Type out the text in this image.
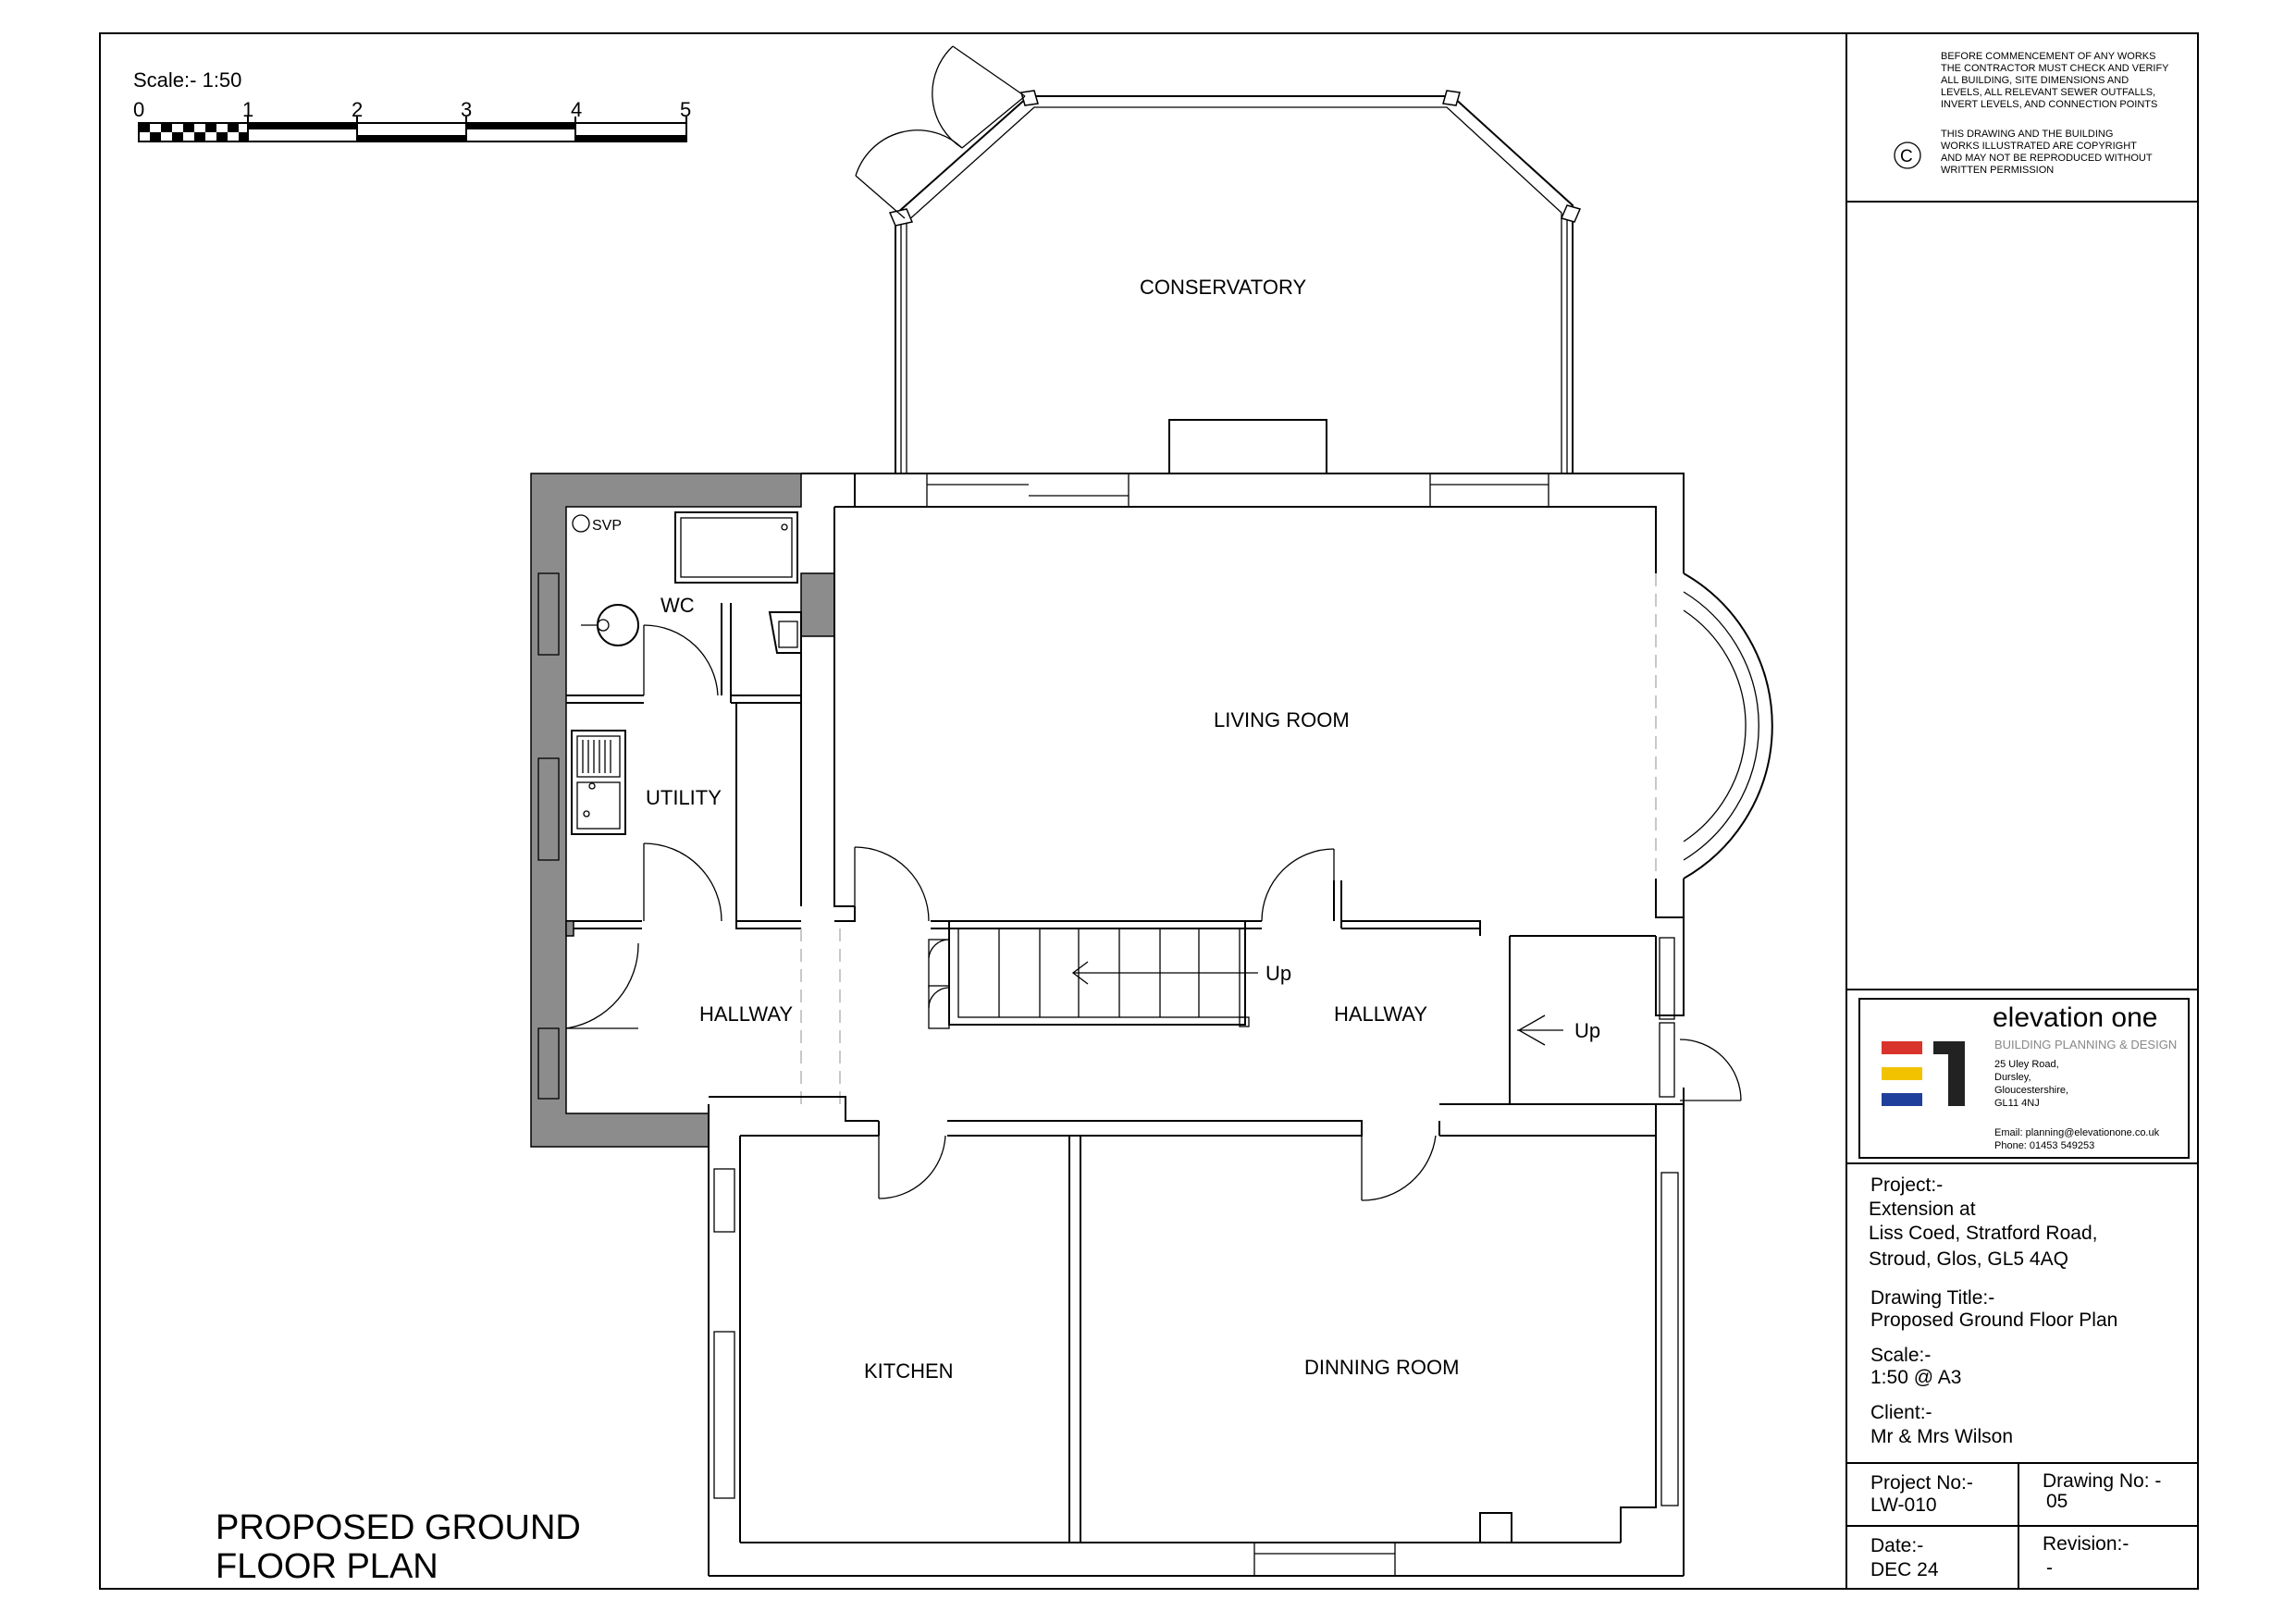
Scale:- 1:50
0	1	2	3	4	5
CONSERVATORY
Up
Up
SVP
LIVING ROOM
WC
UTILITY
HALLWAY	HALLWAY
KITCHEN	DINNING ROOM
PROPOSED GROUND
FLOOR PLAN
BEFORE COMMENCEMENT OF ANY WORKS
THE CONTRACTOR MUST CHECK AND VERIFY
ALL BUILDING, SITE DIMENSIONS AND
LEVELS, ALL RELEVANT SEWER OUTFALLS,
INVERT LEVELS, AND CONNECTION POINTS
C
THIS DRAWING AND THE BUILDING
WORKS ILLUSTRATED ARE COPYRIGHT
AND MAY NOT BE REPRODUCED WITHOUT
WRITTEN PERMISSION
elevation one
BUILDING PLANNING & DESIGN
25 Uley Road,
Dursley,
Gloucestershire,
GL11 4NJ
Email: planning@elevationone.co.uk
Phone: 01453 549253
Project:-
Extension at
Liss Coed, Stratford Road,
Stroud, Glos, GL5 4AQ
Drawing Title:-
Proposed Ground Floor Plan
Scale:-
1:50 @ A3
Client:-
Mr & Mrs Wilson
Project No:-
LW-010
Drawing No: -
05
Date:-
DEC 24
Revision:-
-
